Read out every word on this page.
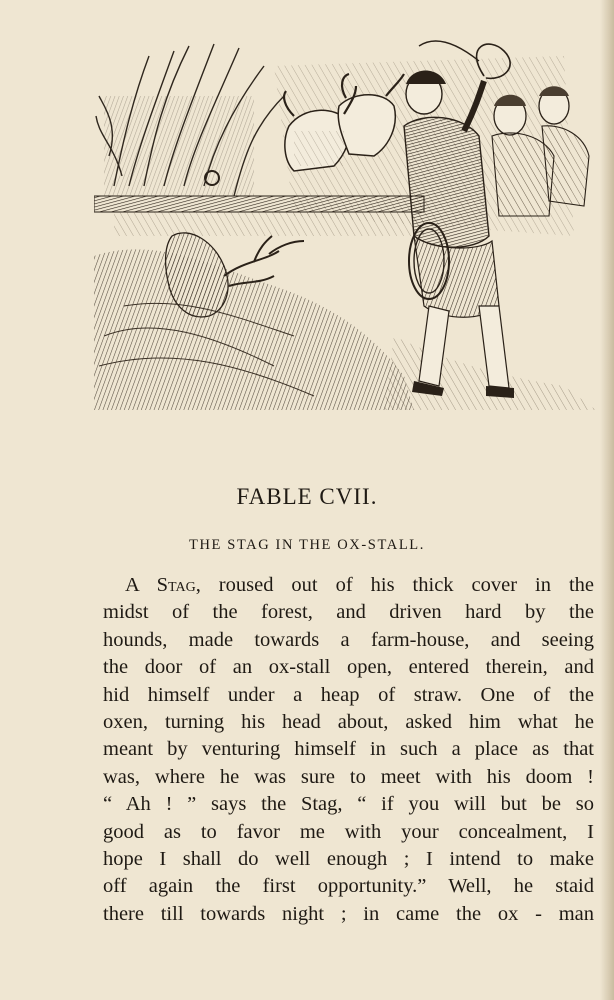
FABLE CVII.
THE STAG IN THE OX-STALL.
A Stag, roused out of his thick cover in the
midst of the forest, and driven hard by the
hounds, made towards a farm-house, and seeing
the door of an ox-stall open, entered therein, and
hid himself under a heap of straw. One of the
oxen, turning his head about, asked him what he
meant by venturing himself in such a place as that
was, where he was sure to meet with his doom !
“ Ah ! ” says the Stag, “ if you will but be so
good as to favor me with your concealment, I
hope I shall do well enough ; I intend to make
off again the first opportunity.” Well, he staid
there till towards night ; in came the ox - man
